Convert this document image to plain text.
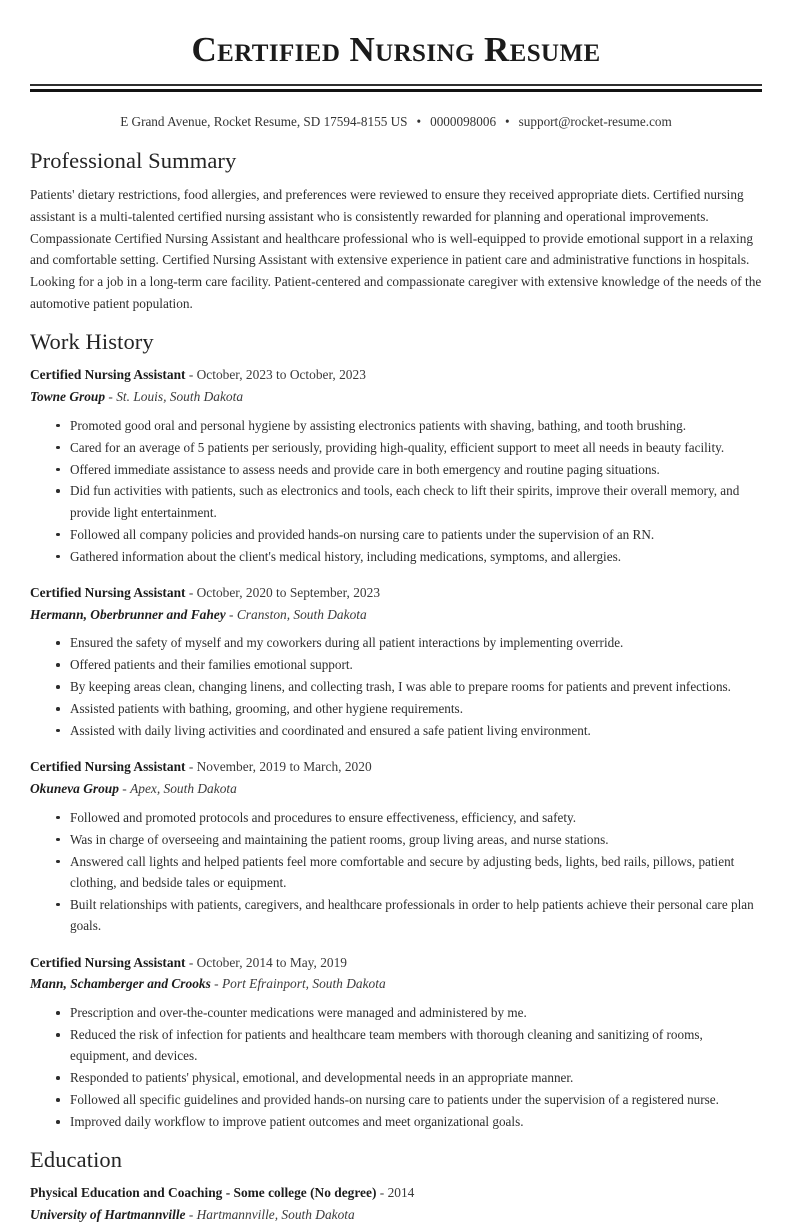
Certified Nursing Resume
E Grand Avenue, Rocket Resume, SD 17594-8155 US • 0000098006 • support@rocket-resume.com
Professional Summary

Patients' dietary restrictions, food allergies, and preferences were reviewed to ensure they received appropriate diets. Certified nursing assistant is a multi-talented certified nursing assistant who is consistently rewarded for planning and operational improvements. Compassionate Certified Nursing Assistant and healthcare professional who is well-equipped to provide emotional support in a relaxing and comfortable setting. Certified Nursing Assistant with extensive experience in patient care and administrative functions in hospitals. Looking for a job in a long-term care facility. Patient-centered and compassionate caregiver with extensive knowledge of the needs of the automotive patient population.

Work History
Certified Nursing Assistant - October, 2023 to October, 2023
Towne Group - St. Louis, South Dakota
Promoted good oral and personal hygiene by assisting electronics patients with shaving, bathing, and tooth brushing.
Cared for an average of 5 patients per seriously, providing high-quality, efficient support to meet all needs in beauty facility.
Offered immediate assistance to assess needs and provide care in both emergency and routine paging situations.
Did fun activities with patients, such as electronics and tools, each check to lift their spirits, improve their overall memory, and provide light entertainment.
Followed all company policies and provided hands-on nursing care to patients under the supervision of an RN.
Gathered information about the client's medical history, including medications, symptoms, and allergies.
Certified Nursing Assistant - October, 2020 to September, 2023
Hermann, Oberbrunner and Fahey - Cranston, South Dakota
Ensured the safety of myself and my coworkers during all patient interactions by implementing override.
Offered patients and their families emotional support.
By keeping areas clean, changing linens, and collecting trash, I was able to prepare rooms for patients and prevent infections.
Assisted patients with bathing, grooming, and other hygiene requirements.
Assisted with daily living activities and coordinated and ensured a safe patient living environment.
Certified Nursing Assistant - November, 2019 to March, 2020
Okuneva Group - Apex, South Dakota
Followed and promoted protocols and procedures to ensure effectiveness, efficiency, and safety.
Was in charge of overseeing and maintaining the patient rooms, group living areas, and nurse stations.
Answered call lights and helped patients feel more comfortable and secure by adjusting beds, lights, bed rails, pillows, patient clothing, and bedside tales or equipment.
Built relationships with patients, caregivers, and healthcare professionals in order to help patients achieve their personal care plan goals.
Certified Nursing Assistant - October, 2014 to May, 2019
Mann, Schamberger and Crooks - Port Efrainport, South Dakota
Prescription and over-the-counter medications were managed and administered by me.
Reduced the risk of infection for patients and healthcare team members with thorough cleaning and sanitizing of rooms, equipment, and devices.
Responded to patients' physical, emotional, and developmental needs in an appropriate manner.
Followed all specific guidelines and provided hands-on nursing care to patients under the supervision of a registered nurse.
Improved daily workflow to improve patient outcomes and meet organizational goals.
Education
Physical Education and Coaching - Some college (No degree) - 2014
University of Hartmannville - Hartmannville, South Dakota
